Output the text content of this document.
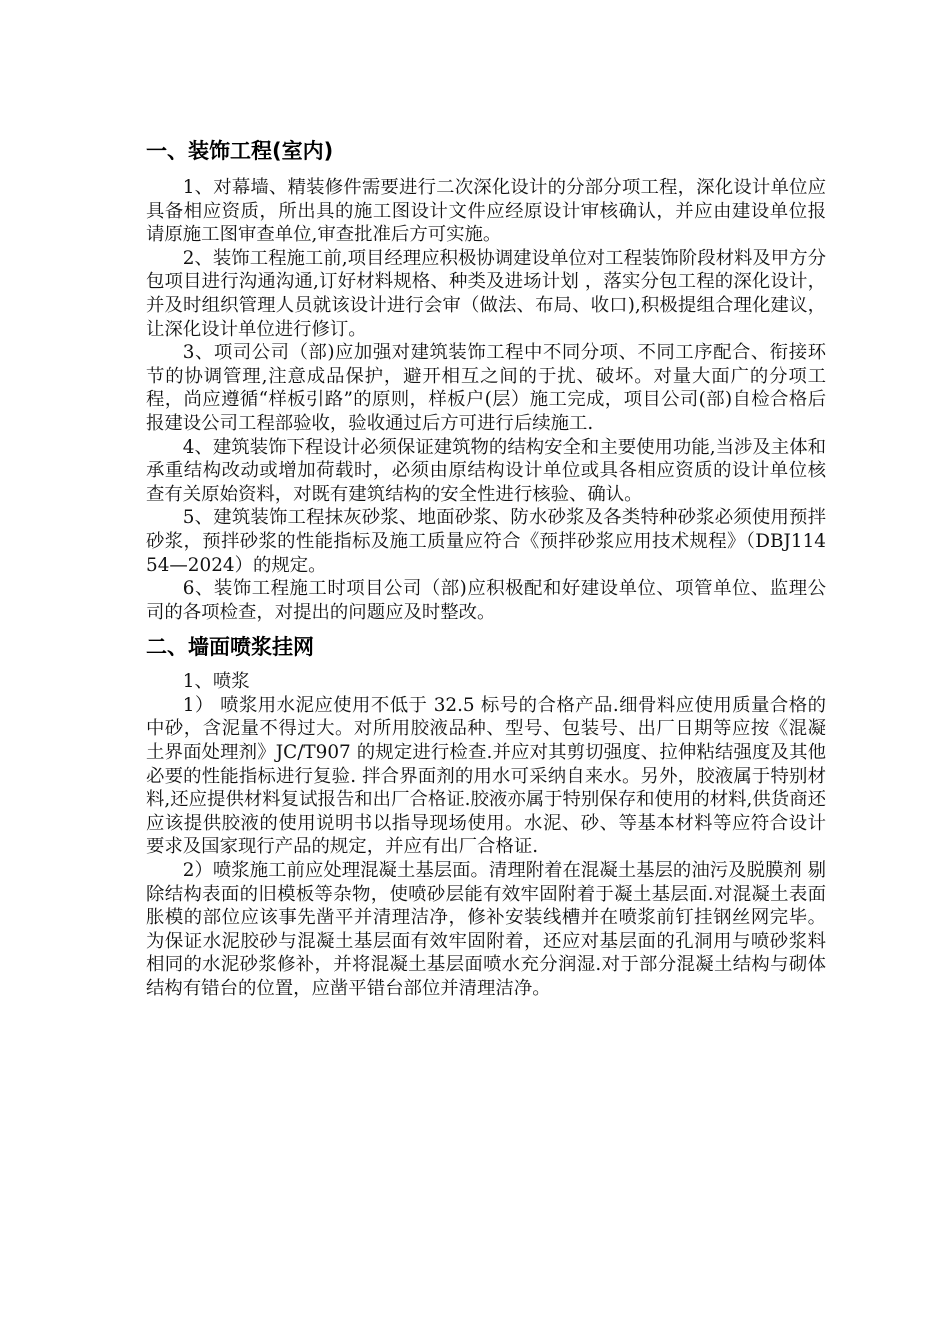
一、装饰工程(室内)

1、对幕墙、精装修件需要进行二次深化设计的分部分项工程，深化设计单位应具备相应资质，所出具的施工图设计文件应经原设计审核确认，并应由建设单位报请原施工图审查单位,审查批准后方可实施。

2、装饰工程施工前,项目经理应积极协调建设单位对工程装饰阶段材料及甲方分包项目进行沟通沟通,订好材料规格、种类及进场计划 ，落实分包工程的深化设计，并及时组织管理人员就该设计进行会审（做法、布局、收口),积极提组合理化建议，让深化设计单位进行修订。

3、项司公司（部)应加强对建筑装饰工程中不同分项、不同工序配合、衔接环节的协调管理,注意成品保护，避开相互之间的于扰、破坏。对量大面广的分项工程，尚应遵循“样板引路”的原则，样板户(层）施工完成，项目公司(部)自检合格后报建设公司工程部验收，验收通过后方可进行后续施工.

4、建筑装饰下程设计必须保证建筑物的结构安全和主要使用功能,当涉及主体和承重结构改动或增加荷载时，必须由原结构设计单位或具各相应资质的设计单位核查有关原始资料，对既有建筑结构的安全性进行核验、确认。

5、建筑装饰工程抹灰砂浆、地面砂浆、防水砂浆及各类特种砂浆必须使用预拌砂浆，预拌砂浆的性能指标及施工质量应符合《预拌砂浆应用技术规程》（DBJ11454—2024）的规定。

6、装饰工程施工时项目公司（部)应积极配和好建设单位、项管单位、监理公司的各项检查，对提出的问题应及时整改。

二、墙面喷浆挂网

1、喷浆

1） 喷浆用水泥应使用不低于 32.5 标号的合格产品.细骨料应使用质量合格的中砂，含泥量不得过大。对所用胶液品种、型号、包装号、出厂日期等应按《混凝土界面处理剂》JC/T907 的规定进行检查.并应对其剪切强度、拉伸粘结强度及其他必要的性能指标进行复验. 拌合界面剂的用水可采纳自来水。另外，胶液属于特别材料,还应提供材料复试报告和出厂合格证.胶液亦属于特别保存和使用的材料,供货商还应该提供胶液的使用说明书以指导现场使用。水泥、砂、等基本材料等应符合设计要求及国家现行产品的规定，并应有出厂合格证.

2）喷浆施工前应处理混凝土基层面。清理附着在混凝土基层的油污及脱膜剂 剔除结构表面的旧模板等杂物，使喷砂层能有效牢固附着于凝土基层面.对混凝土表面胀模的部位应该事先凿平并清理洁净，修补安装线槽并在喷浆前钉挂钢丝网完毕。为保证水泥胶砂与混凝土基层面有效牢固附着，还应对基层面的孔洞用与喷砂浆料相同的水泥砂浆修补，并将混凝土基层面喷水充分润湿.对于部分混凝土结构与砌体结构有错台的位置，应凿平错台部位并清理洁净。
